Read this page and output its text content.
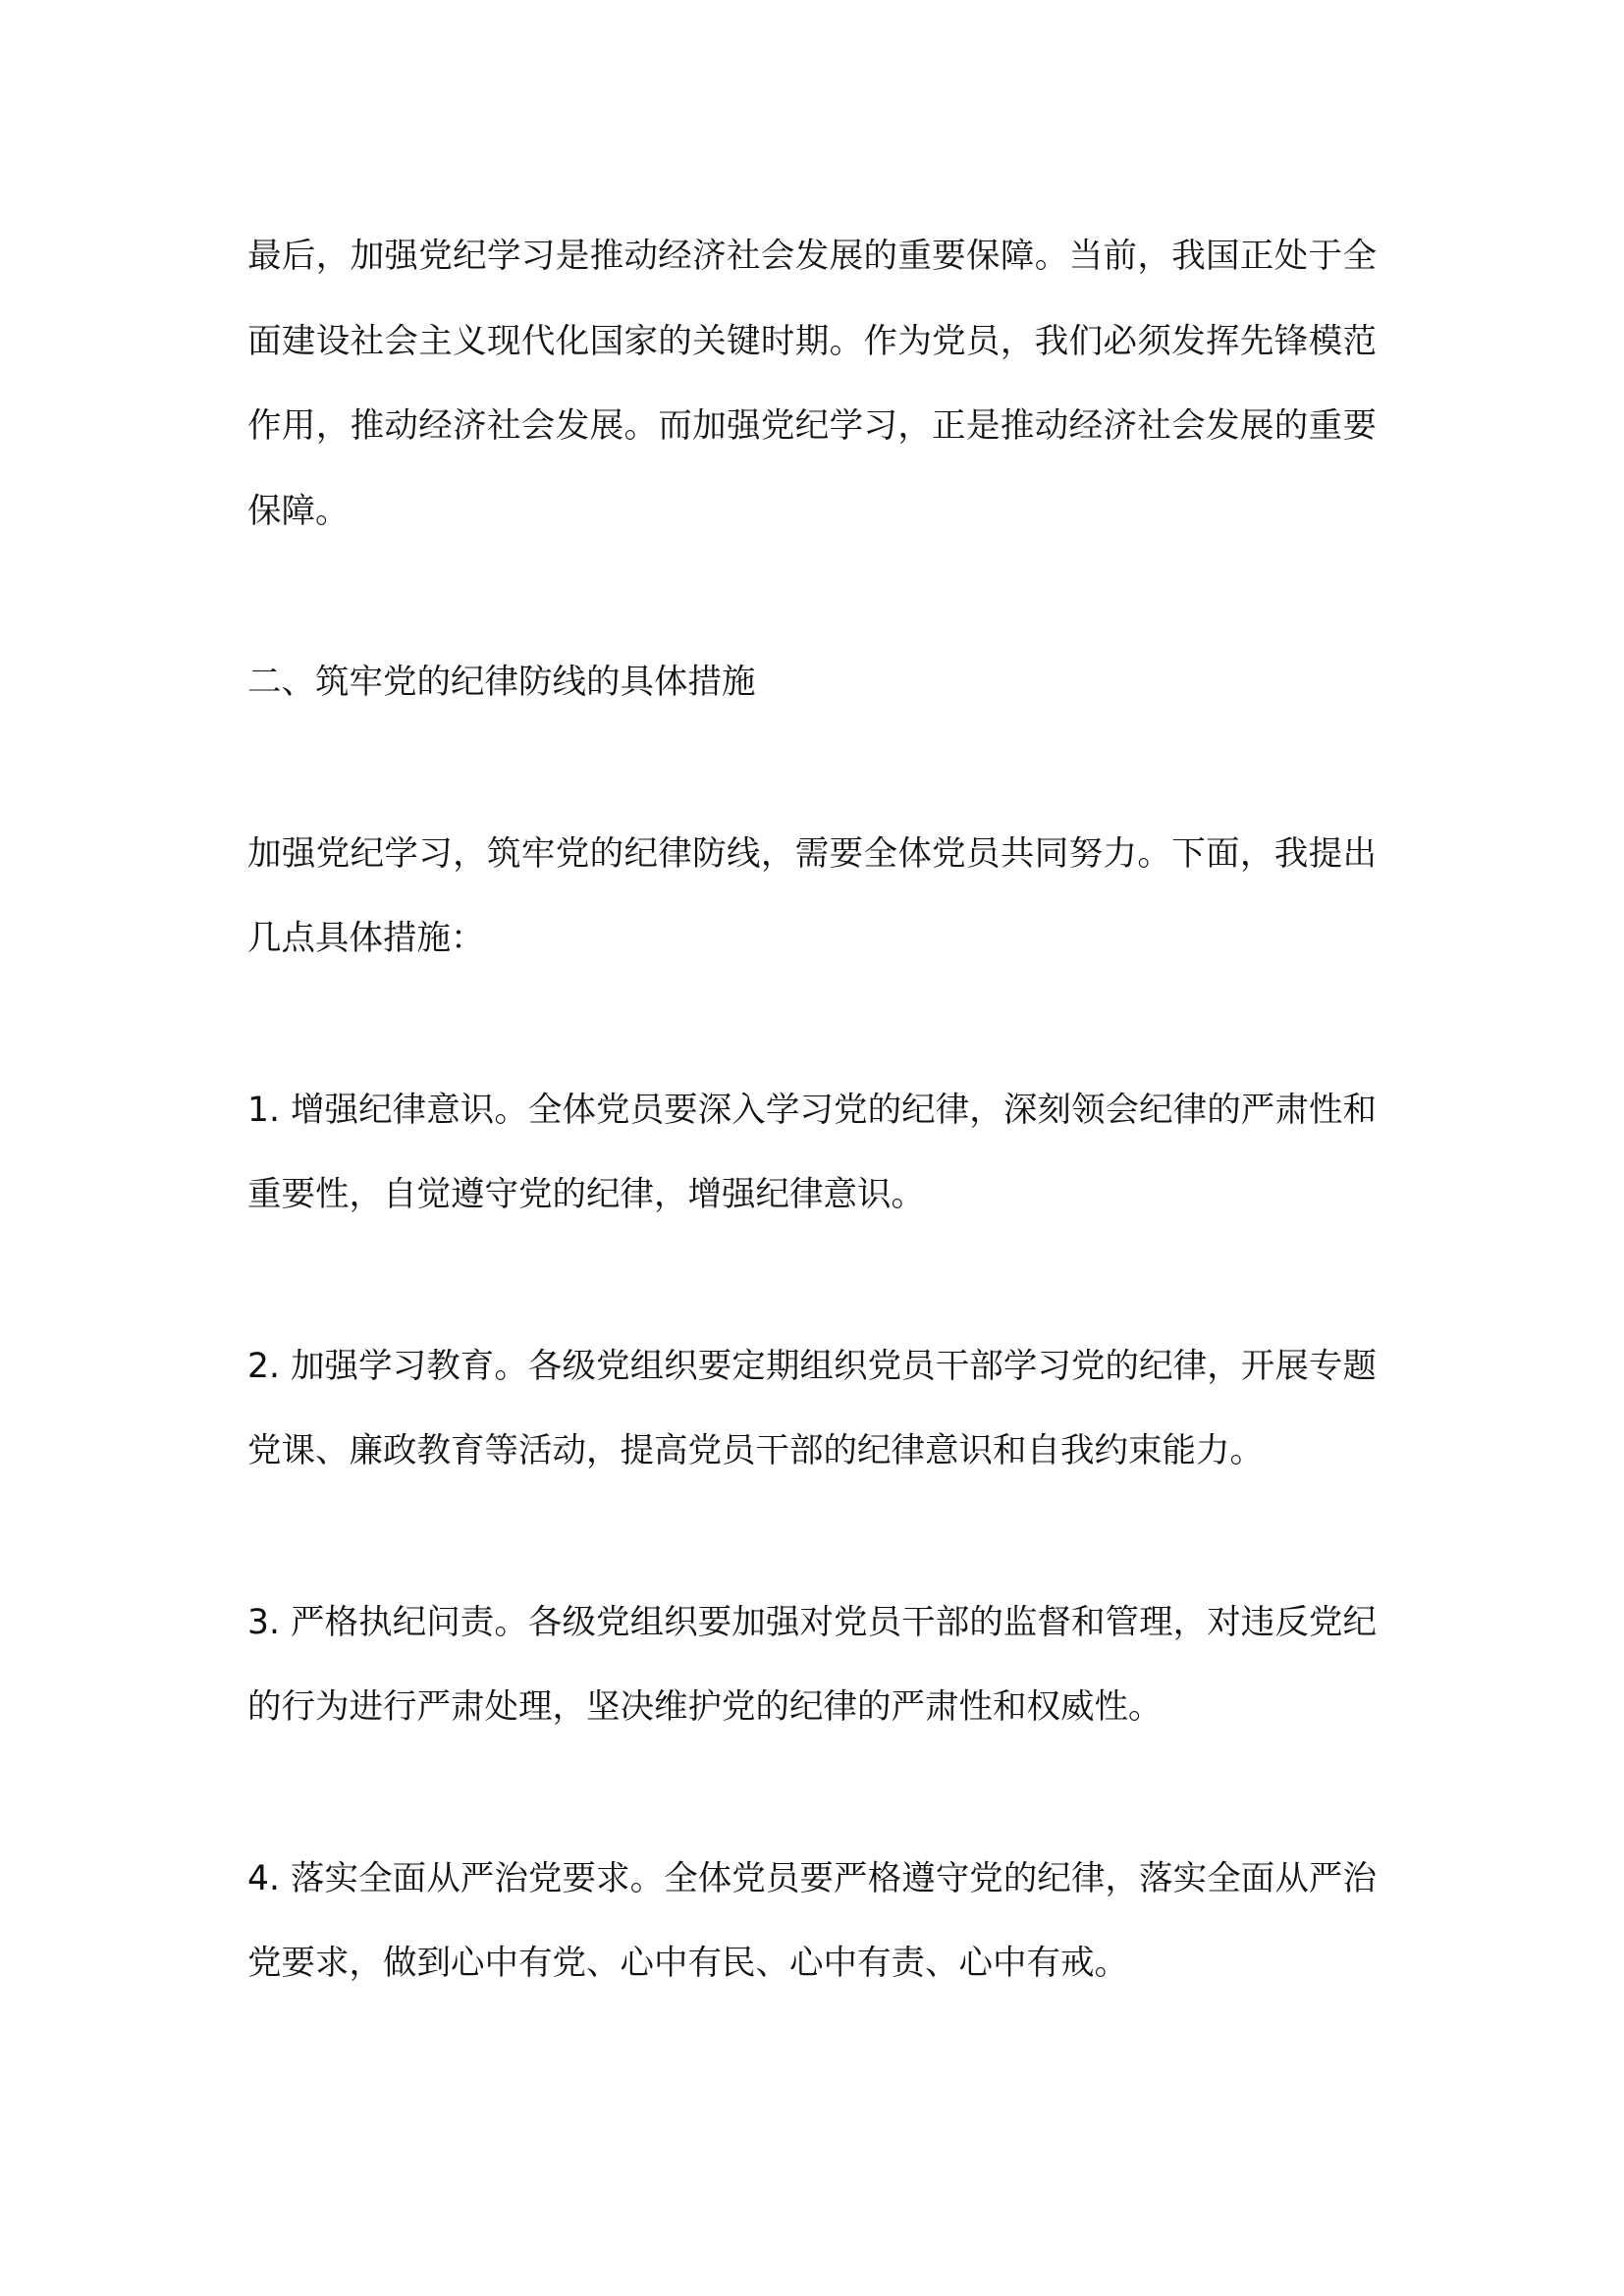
最后，加强党纪学习是推动经济社会发展的重要保障。当前，我国正处于全面建设社会主义现代化国家的关键时期。作为党员，我们必须发挥先锋模范作用，推动经济社会发展。而加强党纪学习，正是推动经济社会发展的重要保障。

二、筑牢党的纪律防线的具体措施

加强党纪学习，筑牢党的纪律防线，需要全体党员共同努力。下面，我提出几点具体措施：

1. 增强纪律意识。全体党员要深入学习党的纪律，深刻领会纪律的严肃性和重要性，自觉遵守党的纪律，增强纪律意识。

2. 加强学习教育。各级党组织要定期组织党员干部学习党的纪律，开展专题党课、廉政教育等活动，提高党员干部的纪律意识和自我约束能力。

3. 严格执纪问责。各级党组织要加强对党员干部的监督和管理，对违反党纪的行为进行严肃处理，坚决维护党的纪律的严肃性和权威性。

4. 落实全面从严治党要求。全体党员要严格遵守党的纪律，落实全面从严治党要求，做到心中有党、心中有民、心中有责、心中有戒。
